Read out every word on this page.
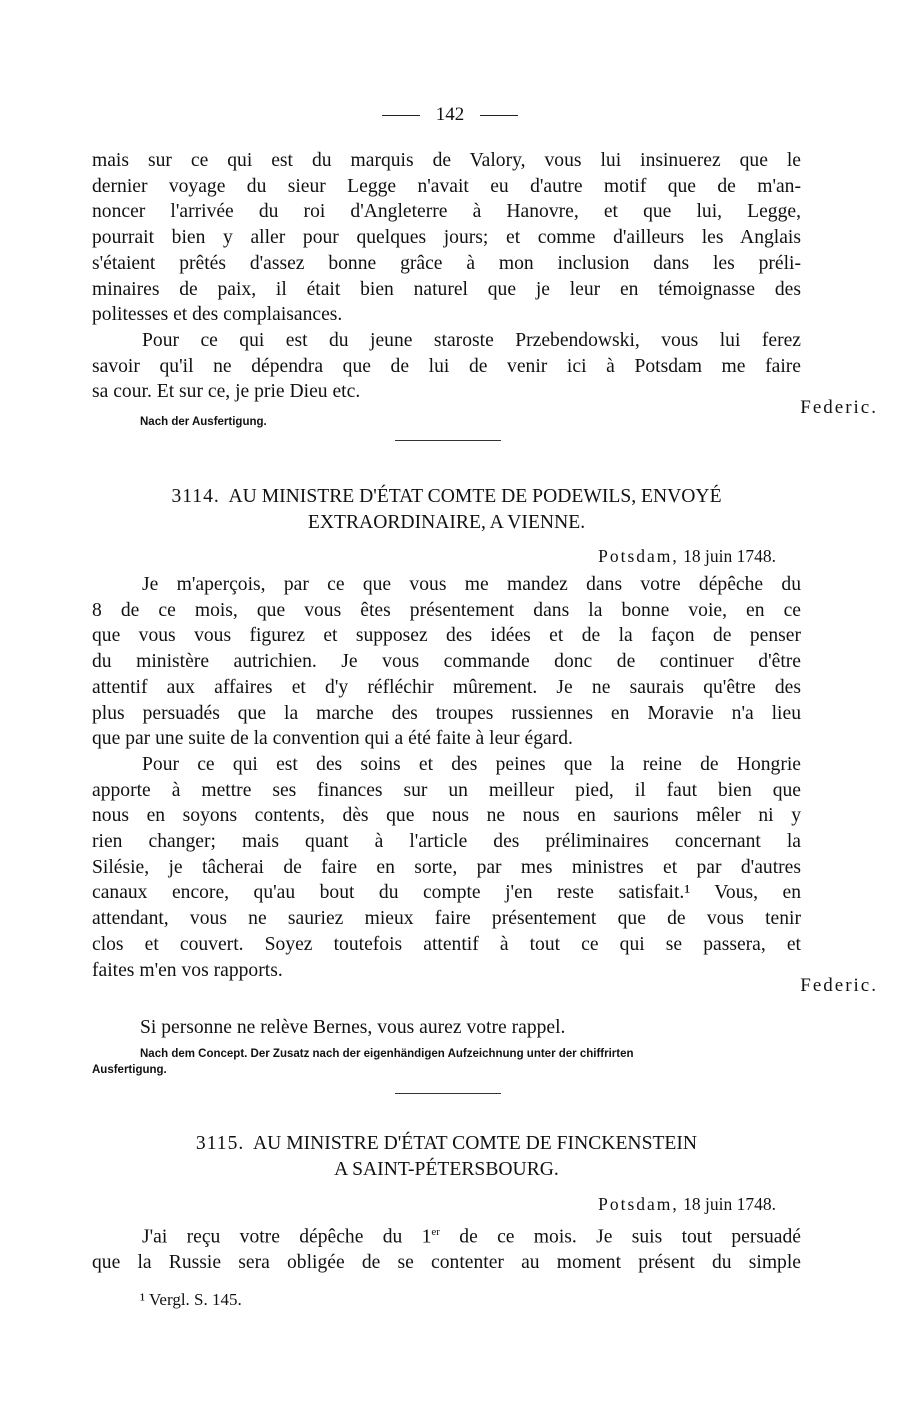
142
mais sur ce qui est du marquis de Valory, vous lui insinuerez que le
dernier voyage du sieur Legge n'avait eu d'autre motif que de m'an-
noncer l'arrivée du roi d'Angleterre à Hanovre, et que lui, Legge,
pourrait bien y aller pour quelques jours; et comme d'ailleurs les Anglais
s'étaient prêtés d'assez bonne grâce à mon inclusion dans les préli-
minaires de paix, il était bien naturel que je leur en témoignasse des
politesses et des complaisances.
Pour ce qui est du jeune staroste Przebendowski, vous lui ferez
savoir qu'il ne dépendra que de lui de venir ici à Potsdam me faire
sa cour. Et sur ce, je prie Dieu etc.
Federic.
Nach der Ausfertigung.
3114. AU MINISTRE D'ÉTAT COMTE DE PODEWILS, ENVOYÉ
EXTRAORDINAIRE, A VIENNE.
Potsdam, 18 juin 1748.
Je m'aperçois, par ce que vous me mandez dans votre dépêche du
8 de ce mois, que vous êtes présentement dans la bonne voie, en ce
que vous vous figurez et supposez des idées et de la façon de penser
du ministère autrichien. Je vous commande donc de continuer d'être
attentif aux affaires et d'y réfléchir mûrement. Je ne saurais qu'être des
plus persuadés que la marche des troupes russiennes en Moravie n'a lieu
que par une suite de la convention qui a été faite à leur égard.
Pour ce qui est des soins et des peines que la reine de Hongrie
apporte à mettre ses finances sur un meilleur pied, il faut bien que
nous en soyons contents, dès que nous ne nous en saurions mêler ni y
rien changer; mais quant à l'article des préliminaires concernant la
Silésie, je tâcherai de faire en sorte, par mes ministres et par d'autres
canaux encore, qu'au bout du compte j'en reste satisfait.¹ Vous, en
attendant, vous ne sauriez mieux faire présentement que de vous tenir
clos et couvert. Soyez toutefois attentif à tout ce qui se passera, et
faites m'en vos rapports.
Federic.
Si personne ne relève Bernes, vous aurez votre rappel.
Nach dem Concept. Der Zusatz nach der eigenhändigen Aufzeichnung unter der chiffrirten
Ausfertigung.
3115. AU MINISTRE D'ÉTAT COMTE DE FINCKENSTEIN
A SAINT-PÉTERSBOURG.
Potsdam, 18 juin 1748.
J'ai reçu votre dépêche du 1er de ce mois. Je suis tout persuadé
que la Russie sera obligée de se contenter au moment présent du simple
¹ Vergl. S. 145.
